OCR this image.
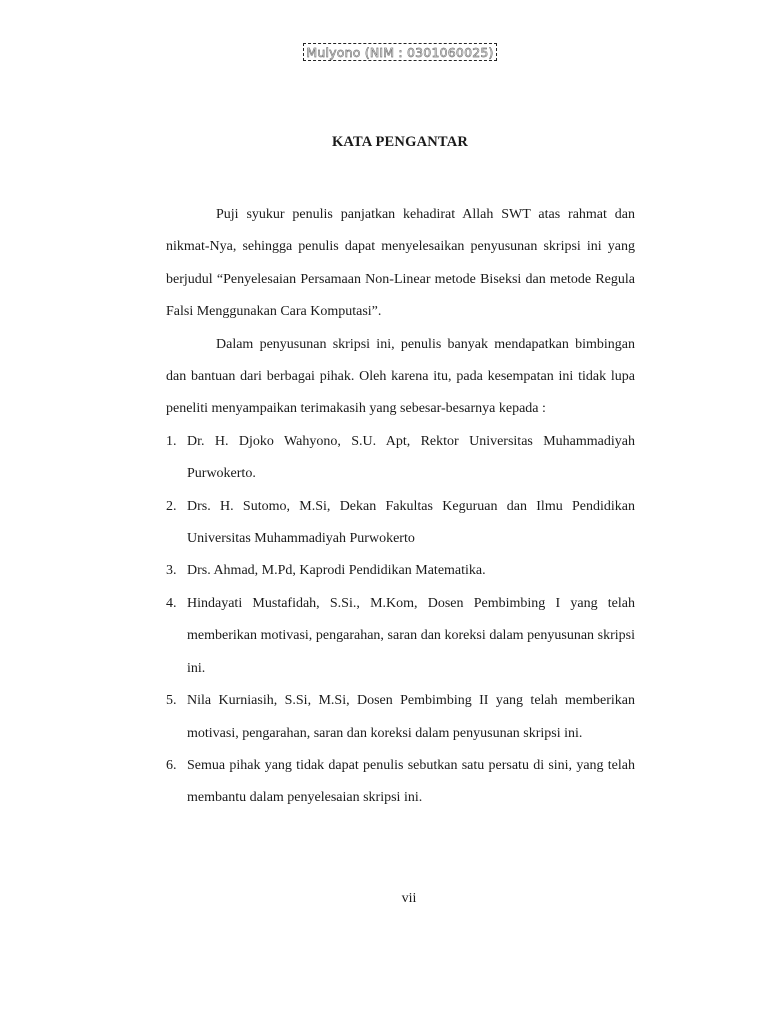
Mulyono (NIM : 0301060025)
KATA PENGANTAR

Puji syukur penulis panjatkan kehadirat Allah SWT atas rahmat dan nikmat-Nya, sehingga penulis dapat menyelesaikan penyusunan skripsi ini yang berjudul “Penyelesaian Persamaan Non-Linear metode Biseksi dan metode Regula Falsi Menggunakan Cara Komputasi”.

Dalam penyusunan skripsi ini, penulis banyak mendapatkan bimbingan dan bantuan dari berbagai pihak. Oleh karena itu, pada kesempatan ini tidak lupa peneliti menyampaikan terimakasih yang sebesar-besarnya kepada :

1. Dr. H. Djoko Wahyono, S.U. Apt, Rektor Universitas Muhammadiyah Purwokerto.
2. Drs. H. Sutomo, M.Si, Dekan Fakultas Keguruan dan Ilmu Pendidikan Universitas Muhammadiyah Purwokerto
3. Drs. Ahmad, M.Pd, Kaprodi Pendidikan Matematika.
4. Hindayati Mustafidah, S.Si., M.Kom, Dosen Pembimbing I yang telah memberikan motivasi, pengarahan, saran dan koreksi dalam penyusunan skripsi ini.
5. Nila Kurniasih, S.Si, M.Si, Dosen Pembimbing II yang telah memberikan motivasi, pengarahan, saran dan koreksi dalam penyusunan skripsi ini.
6. Semua pihak yang tidak dapat penulis sebutkan satu persatu di sini, yang telah membantu dalam penyelesaian skripsi ini.
vii
